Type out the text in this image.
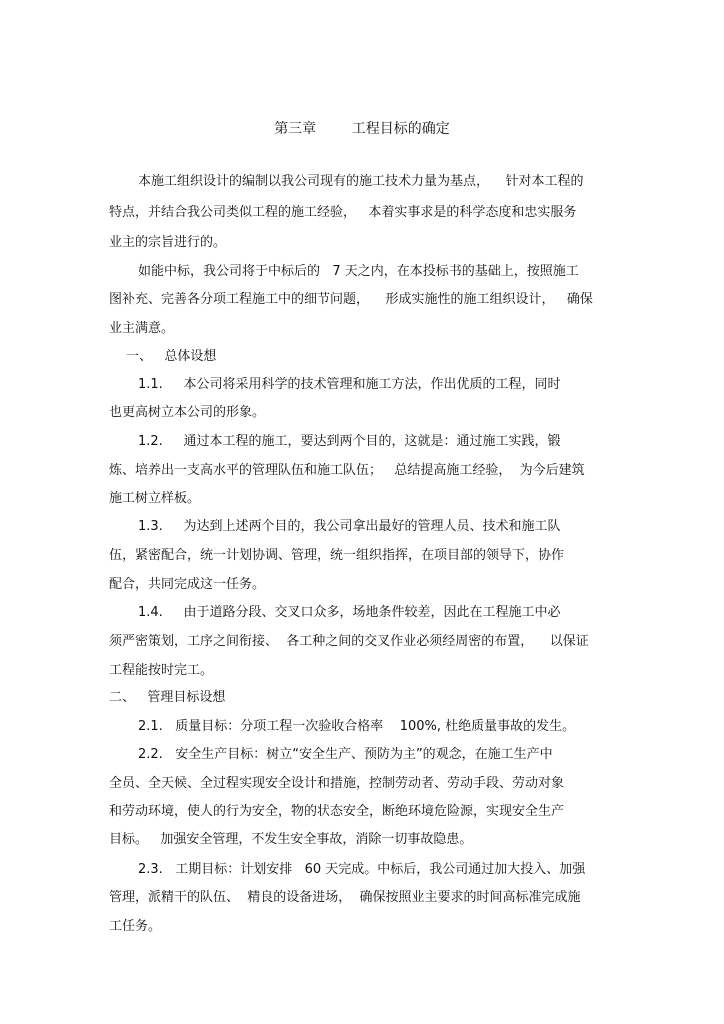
第三章	工程目标的确定
本施工组织设计的编制以我公司现有的施工技术力量为基点，    针对本工程的
特点，并结合我公司类似工程的施工经验，   本着实事求是的科学态度和忠实服务
业主的宗旨进行的。
如能中标，我公司将于中标后的   7 天之内，在本投标书的基础上，按照施工
图补充、完善各分项工程施工中的细节问题，    形成实施性的施工组织设计，   确保
业主满意。
一、   总体设想
1.1.     本公司将采用科学的技术管理和施工方法，作出优质的工程，同时
也更高树立本公司的形象。
1.2.     通过本工程的施工，要达到两个目的，这就是：通过施工实践，锻
炼、培养出一支高水平的管理队伍和施工队伍；   总结提高施工经验，  为今后建筑
施工树立样板。
1.3.     为达到上述两个目的，我公司拿出最好的管理人员、技术和施工队
伍，紧密配合，统一计划协调、管理，统一组织指挥，在项目部的领导下，协作
配合，共同完成这一任务。
1.4.     由于道路分段、交叉口众多，场地条件较差，因此在工程施工中必
须严密策划，工序之间衔接、  各工种之间的交叉作业必须经周密的布置，    以保证
工程能按时完工。
二、   管理目标设想
2.1.   质量目标：分项工程一次验收合格率    100%, 杜绝质量事故的发生。
2.2.   安全生产目标：树立“安全生产、预防为主”的观念，在施工生产中
全员、全天候、全过程实现安全设计和措施，控制劳动者、劳动手段、劳动对象
和劳动环境，使人的行为安全，物的状态安全，断绝环境危险源，实现安全生产
目标。   加强安全管理，不发生安全事故，消除一切事故隐患。
2.3.   工期目标：计划安排   60 天完成。中标后，我公司通过加大投入、加强
管理，派精干的队伍、  精良的设备进场，  确保按照业主要求的时间高标准完成施
工任务。
